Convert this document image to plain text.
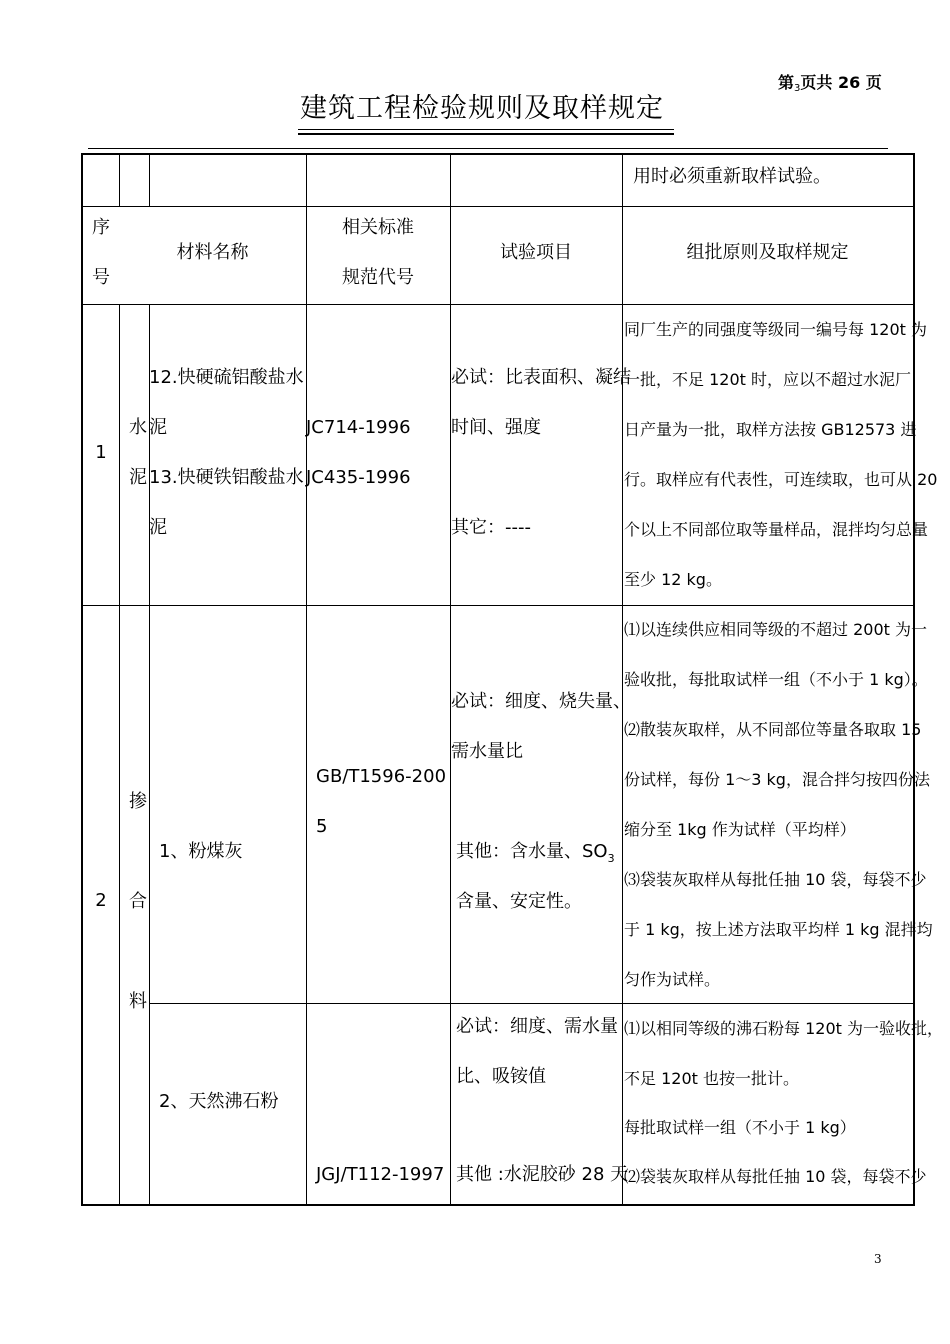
第$_3$页共 26 页
建筑工程检验规则及取样规定
用时必须重新取样试验。
序
号
材料名称
相关标准
规范代号
试验项目	组批原则及取样规定
1
水
泥
12.快硬硫铝酸盐水
泥
13.快硬铁铝酸盐水
泥
JC714-1996
JC435-1996
必试：比表面积、凝结
时间、强度
其它：----
同厂生产的同强度等级同一编号每 120t 为
一批，不足 120t 时，应以不超过水泥厂
日产量为一批，取样方法按 GB12573 进
行。取样应有代表性，可连续取，也可从 20
个以上不同部位取等量样品，混拌均匀总量
至少 12 kg。
2
掺
合
料
1、粉煤灰
GB/T1596-200
5
必试：细度、烧失量、
需水量比
其他：含水量、$SO_3$
含量、安定性。
⑴以连续供应相同等级的不超过 200t 为一
验收批，每批取试样一组（不小于 1 kg）。
⑵散装灰取样，从不同部位等量各取取 15
份试样，每份 1～3 kg，混合拌匀按四份法
缩分至 1kg 作为试样（平均样）
⑶袋装灰取样从每批任抽 10 袋，每袋不少
于 1 kg，按上述方法取平均样 1 kg 混拌均
匀作为试样。
2、天然沸石粉
JGJ/T112-1997
必试：细度、需水量
比、吸铵值
其他 :水泥胶砂 28 天
⑴以相同等级的沸石粉每 120t 为一验收批，
不足 120t 也按一批计。
每批取试样一组（不小于 1 kg）
⑵袋装灰取样从每批任抽 10 袋，每袋不少
3
